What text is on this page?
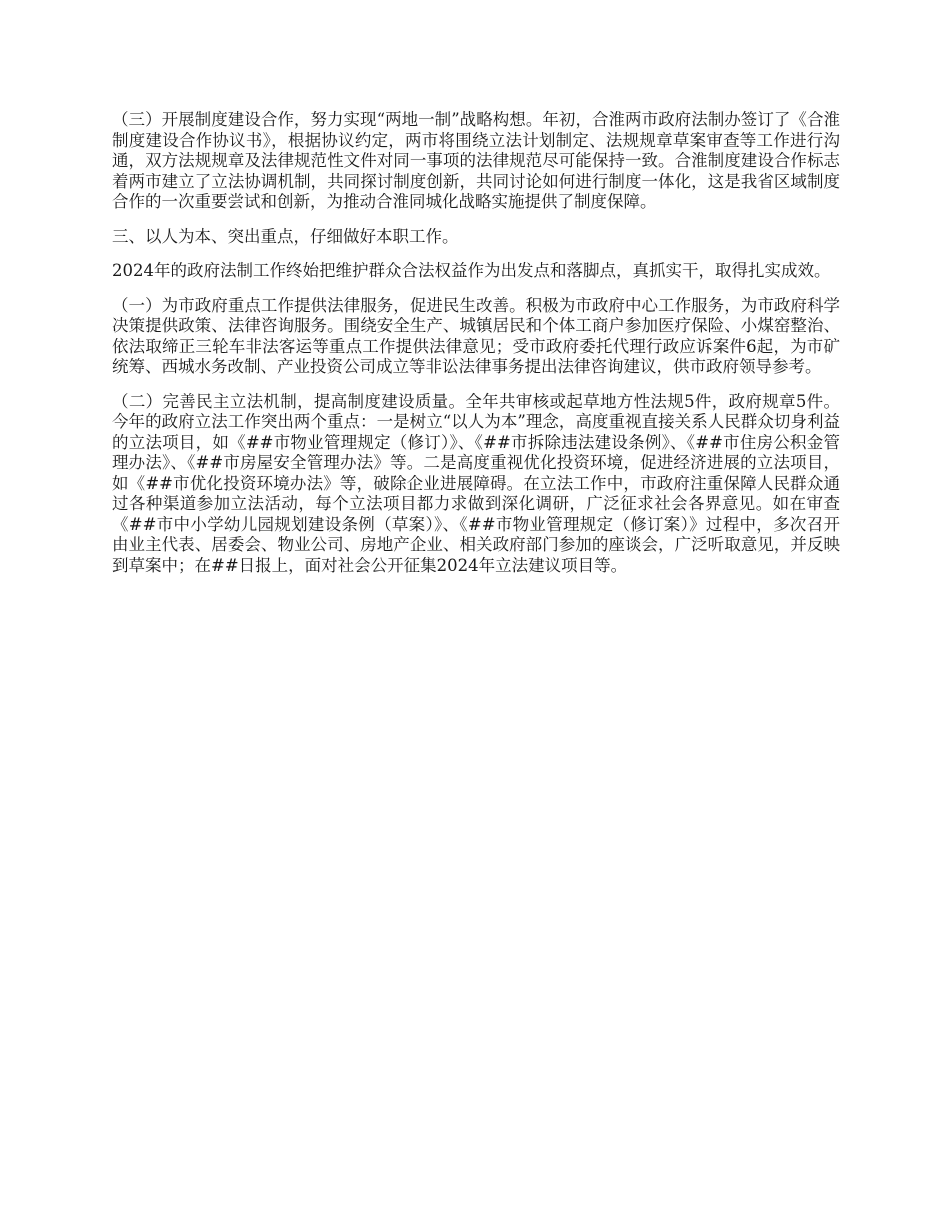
（三）开展制度建设合作，努力实现“两地一制”战略构想。年初，合淮两市政府法制办签订了《合淮制度建设合作协议书》，根据协议约定，两市将围绕立法计划制定、法规规章草案审查等工作进行沟通，双方法规规章及法律规范性文件对同一事项的法律规范尽可能保持一致。合淮制度建设合作标志着两市建立了立法协调机制，共同探讨制度创新，共同讨论如何进行制度一体化，这是我省区域制度合作的一次重要尝试和创新，为推动合淮同城化战略实施提供了制度保障。

三、以人为本、突出重点，仔细做好本职工作。

2024年的政府法制工作终始把维护群众合法权益作为出发点和落脚点，真抓实干，取得扎实成效。

（一）为市政府重点工作提供法律服务，促进民生改善。积极为市政府中心工作服务，为市政府科学决策提供政策、法律咨询服务。围绕安全生产、城镇居民和个体工商户参加医疗保险、小煤窑整治、依法取缔正三轮车非法客运等重点工作提供法律意见；受市政府委托代理行政应诉案件6起，为市矿统筹、西城水务改制、产业投资公司成立等非讼法律事务提出法律咨询建议，供市政府领导参考。

（二）完善民主立法机制，提高制度建设质量。全年共审核或起草地方性法规5件，政府规章5件。今年的政府立法工作突出两个重点：一是树立“以人为本”理念，高度重视直接关系人民群众切身利益的立法项目，如《##市物业管理规定（修订）》、《##市拆除违法建设条例》、《##市住房公积金管理办法》、《##市房屋安全管理办法》等。二是高度重视优化投资环境，促进经济进展的立法项目，如《##市优化投资环境办法》等，破除企业进展障碍。在立法工作中，市政府注重保障人民群众通过各种渠道参加立法活动，每个立法项目都力求做到深化调研，广泛征求社会各界意见。如在审查《##市中小学幼儿园规划建设条例（草案）》、《##市物业管理规定（修订案）》过程中，多次召开由业主代表、居委会、物业公司、房地产企业、相关政府部门参加的座谈会，广泛听取意见，并反映到草案中；在##日报上，面对社会公开征集2024年立法建议项目等。
